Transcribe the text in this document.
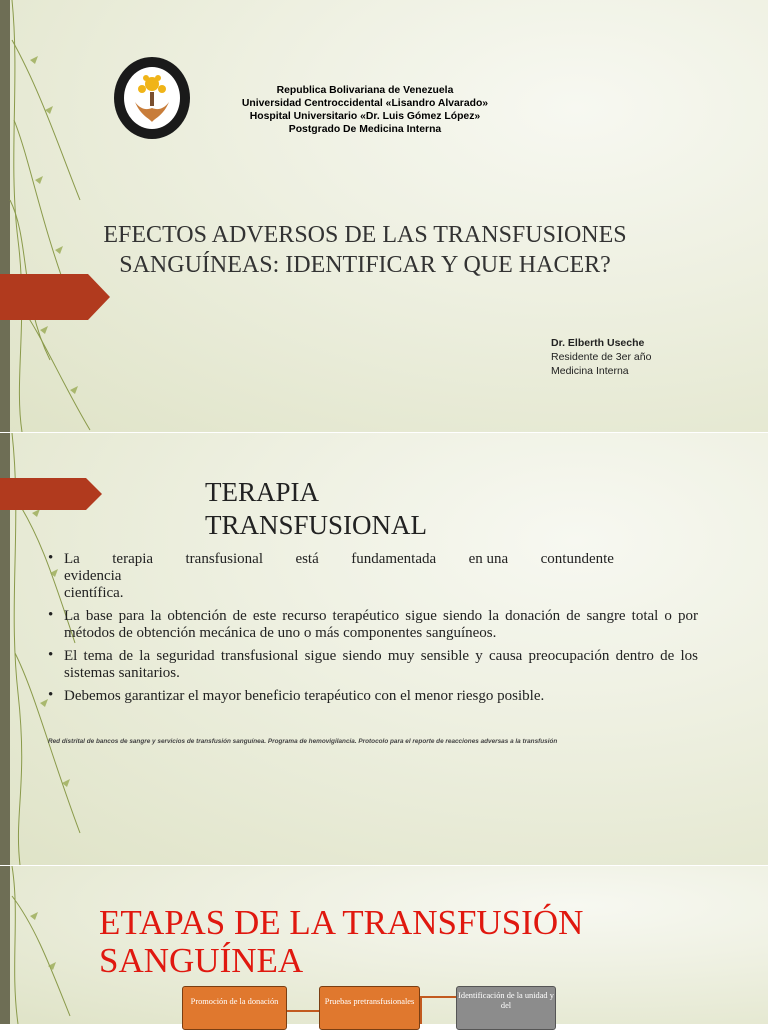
Republica Bolivariana de Venezuela
Universidad Centroccidental «Lisandro Alvarado»
Hospital Universitario «Dr. Luis Gómez López»
Postgrado De Medicina Interna
EFECTOS ADVERSOS DE LAS TRANSFUSIONES
SANGUÍNEAS: IDENTIFICAR Y QUE HACER?
Dr. Elberth Useche
Residente de 3er año
Medicina Interna
TERAPIA
TRANSFUSIONAL
• La terapia transfusional está fundamentada en una contundente
evidencia
científica.
• La base para la obtención de este recurso terapéutico sigue siendo la donación de sangre total o por métodos de obtención mecánica de uno o más componentes sanguíneos.
• El tema de la seguridad transfusional sigue siendo muy sensible y causa preocupación dentro de los sistemas sanitarios.
• Debemos garantizar el mayor beneficio terapéutico con el menor riesgo posible.
Red distrital de bancos de sangre y servicios de transfusión sanguínea. Programa de hemovigilancia. Protocolo para el reporte de reacciones adversas a la transfusión
ETAPAS DE LA TRANSFUSIÓN
SANGUÍNEA
Promoción de la donación	Pruebas pretransfusionales
Identificación de la unidad y del
